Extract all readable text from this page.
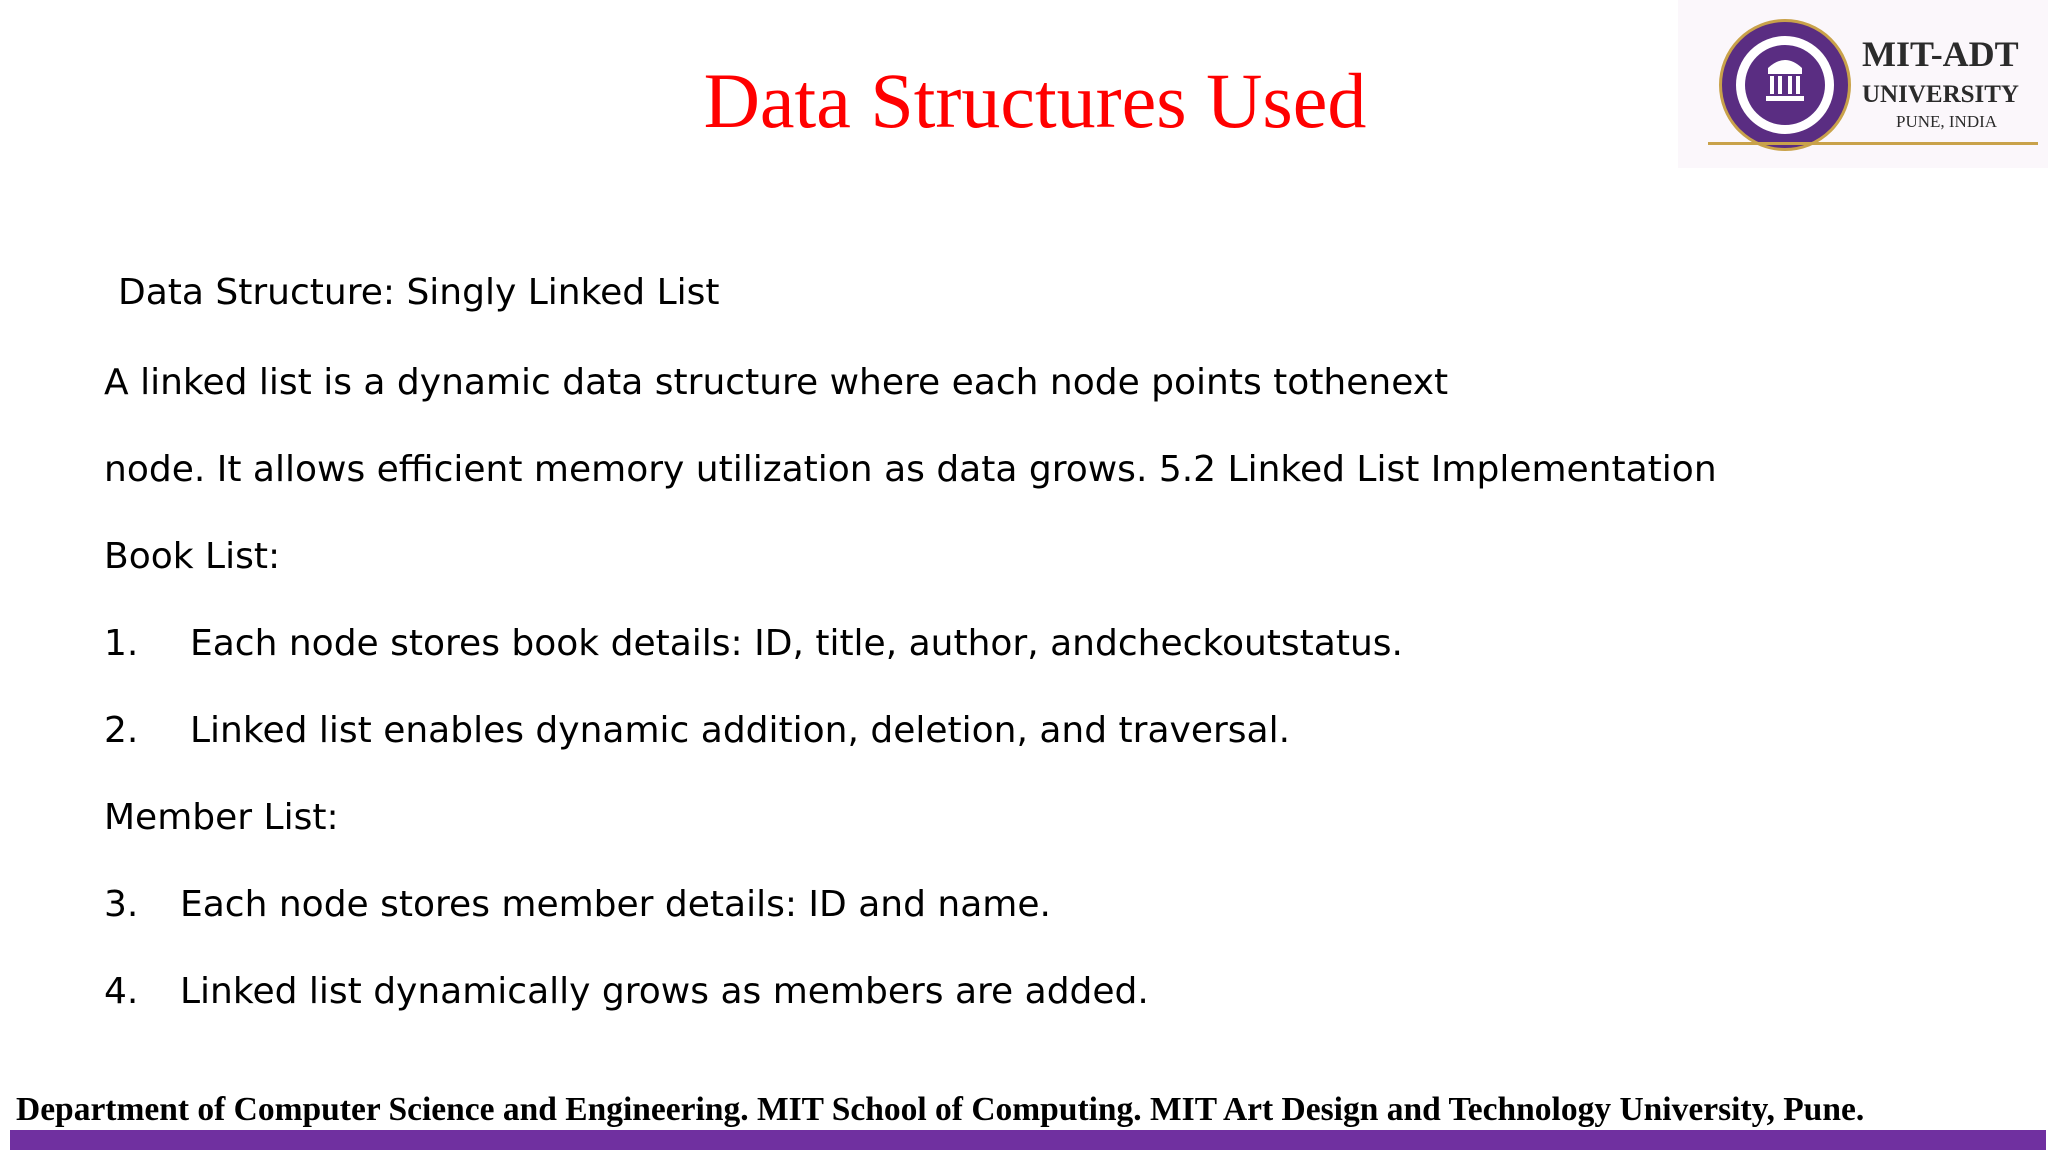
Data Structures Used
MIT-ADT
UNIVERSITY
PUNE, INDIA
Data Structure: Singly Linked List
A linked list is a dynamic data structure where each node points tothenext
node. It allows efficient memory utilization as data grows. 5.2 Linked List Implementation
Book List:
1. Each node stores book details: ID, title, author, andcheckoutstatus.
2. Linked list enables dynamic addition, deletion, and traversal.
Member List:
3. Each node stores member details: ID and name.
4. Linked list dynamically grows as members are added.
Department of Computer Science and Engineering. MIT School of Computing. MIT Art Design and Technology University, Pune.
